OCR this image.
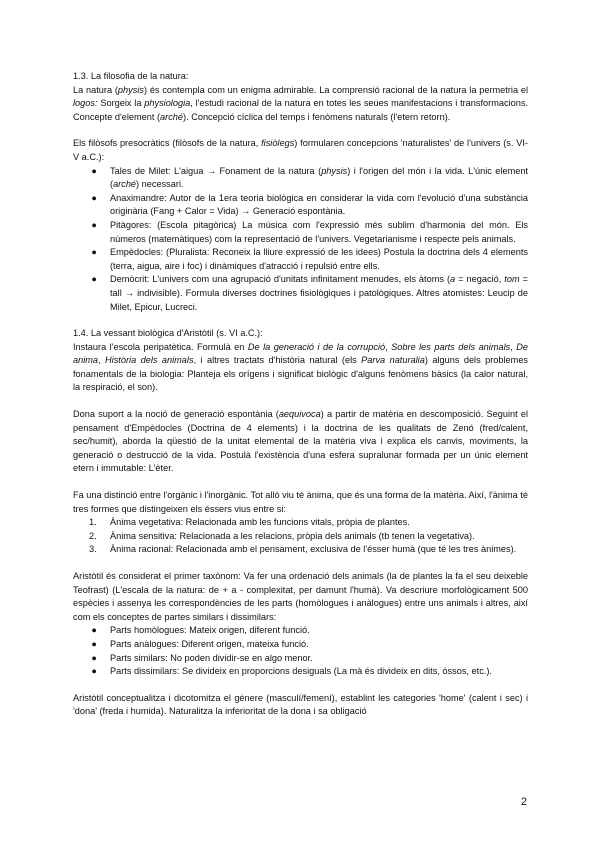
1.3. La filosofia de la natura:

La natura (physis) és contempla com un enigma admirable. La comprensió racional de la natura la permetria el logos: Sorgeix la physiologia, l'estudi racional de la natura en totes les seues manifestacions i transformacions. Concepte d'element (arché). Concepció cíclica del temps i fenòmens naturals (l'etern retorn).

Els filòsofs presocràtics (filòsofs de la natura, fisiòlegs) formularen concepcions 'naturalistes' de l'univers (s. VI-V a.C.):

● Tales de Milet: L'aigua → Fonament de la natura (physis) i l'origen del món i la vida. L'únic element (arché) necessari.
● Anaximandre: Autor de la 1era teoria biològica en considerar la vida com l'evolució d'una substància originària (Fang + Calor = Vida) → Generació espontània.
● Pitàgores: (Escola pitagòrica) La música com l'expressió més sublim d'harmonia del món. Els números (matemàtiques) com la representació de l'univers. Vegetarianisme i respecte pels animals.
● Empèdocles: (Pluralista: Reconeix la lliure expressió de les idees) Postula la doctrina dels 4 elements (terra, aigua, aire i foc) i dinàmiques d'atracció i repulsió entre ells.
● Demòcrit: L'univers com una agrupació d'unitats infinitament menudes, els àtoms (a = negació, tom = tall → indivisible). Formula diverses doctrines fisiològiques i patològiques. Altres atomistes: Leucip de Milet, Epicur, Lucreci.

1.4. La vessant biològica d'Aristòtil (s. VI a.C.):

Instaura l'escola peripatètica. Formulà en De la generació i de la corrupció, Sobre les parts dels animals, De anima, Història dels animals, i altres tractats d'història natural (els Parva naturalia) alguns dels problemes fonamentals de la biologia: Planteja els orígens i significat biològic d'alguns fenòmens bàsics (la calor natural, la respiració, el son).

Dona suport a la noció de generació espontània (aequivoca) a partir de matèria en descomposició. Seguint el pensament d'Empèdocles (Doctrina de 4 elements) i la doctrina de les qualitats de Zenó (fred/calent, sec/humit), aborda la qüestió de la unitat elemental de la matèria viva i explica els canvis, moviments, la generació o destrucció de la vida. Postulà l'existència d'una esfera supralunar formada per un únic element etern i immutable: L'èter.

Fa una distinció entre l'orgànic i l'inorgànic. Tot allò viu té ànima, que és una forma de la matèria. Així, l'ànima té tres formes que distingeixen els éssers vius entre si:

1.	Ànima vegetativa: Relacionada amb les funcions vitals, pròpia de plantes.
2.	Ànima sensitiva: Relacionada a les relacions, pròpia dels animals (tb tenen la vegetativa).
3.	Ànima racional: Relacionada amb el pensament, exclusiva de l'ésser humà (que té les tres ànimes).

Aristòtil és considerat el primer taxònom: Va fer una ordenació dels animals (la de plantes la fa el seu deixeble Teofrast) (L'escala de la natura: de + a - complexitat, per damunt l'humà). Va descriure morfològicament 500 espècies i assenya les correspondències de les parts (homòlogues i anàlogues) entre uns animals i altres, així com els conceptes de partes similars i dissimilars:

● Parts homòlogues: Mateix origen, diferent funció.
● Parts anàlogues: Diferent origen, mateixa funció.
● Parts similars: No poden dividir-se en algo menor.
● Parts dissimilars: Se divideix en proporcions desiguals (La mà és divideix en dits, óssos, etc.).

Aristòtil conceptualitza i dicotomitza el gènere (masculí/femení), establint les categories 'home' (calent i sec) i 'dona' (freda i humida). Naturalitza la inferioritat de la dona i sa obligació

2
